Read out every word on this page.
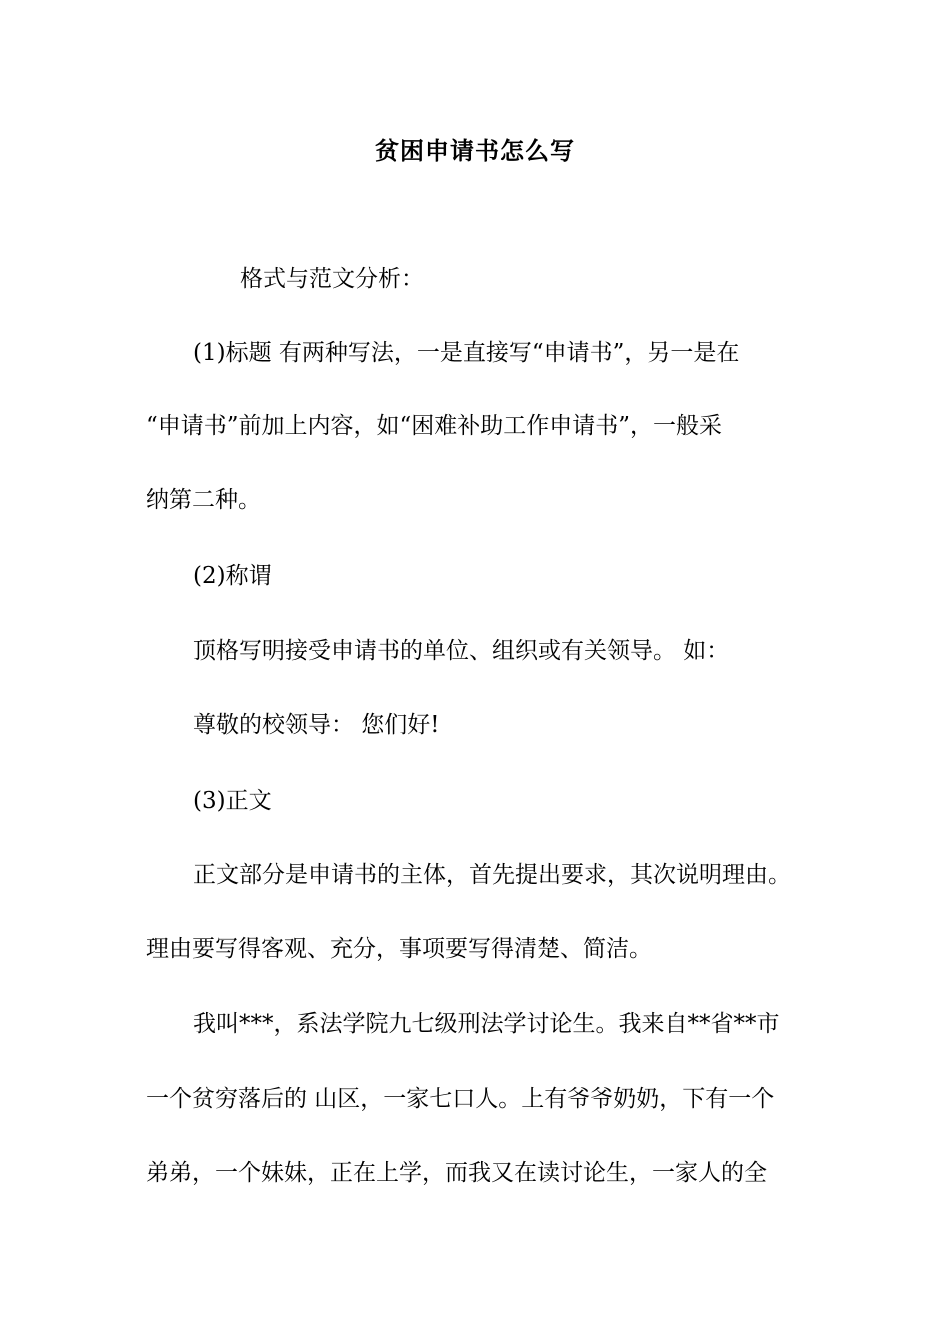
贫困申请书怎么写
格式与范文分析：
(1)标题 有两种写法，一是直接写“申请书”，另一是在
“申请书”前加上内容，如“困难补助工作申请书”，一般采
纳第二种。
(2)称谓
顶格写明接受申请书的单位、组织或有关领导。 如：
尊敬的校领导： 您们好!
(3)正文
正文部分是申请书的主体，首先提出要求，其次说明理由。
理由要写得客观、充分，事项要写得清楚、简洁。
我叫***，系法学院九七级刑法学讨论生。我来自**省**市
一个贫穷落后的 山区，一家七口人。上有爷爷奶奶，下有一个
弟弟，一个妹妹，正在上学，而我又在读讨论生，一家人的全
